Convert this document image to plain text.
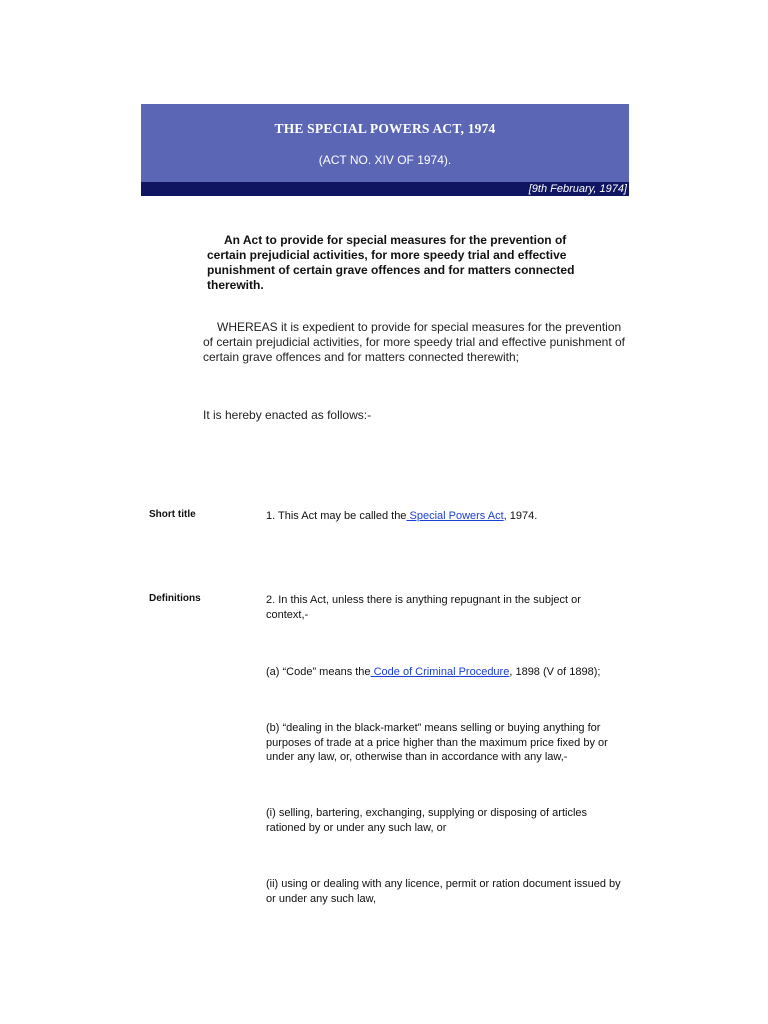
THE SPECIAL POWERS ACT, 1974
(ACT NO. XIV OF 1974).
[9th February, 1974]
An Act to provide for special measures for the prevention of certain prejudicial activities, for more speedy trial and effective punishment of certain grave offences and for matters connected therewith.
WHEREAS it is expedient to provide for special measures for the prevention of certain prejudicial activities, for more speedy trial and effective punishment of certain grave offences and for matters connected therewith;
It is hereby enacted as follows:-
Short title	1. This Act may be called the Special Powers Act, 1974.
Definitions	2. In this Act, unless there is anything repugnant in the subject or context,-
(a) “Code” means the Code of Criminal Procedure, 1898 (V of 1898);
(b) “dealing in the black-market” means selling or buying anything for purposes of trade at a price higher than the maximum price fixed by or under any law, or, otherwise than in accordance with any law,-
(i) selling, bartering, exchanging, supplying or disposing of articles rationed by or under any such law, or
(ii) using or dealing with any licence, permit or ration document issued by or under any such law,
